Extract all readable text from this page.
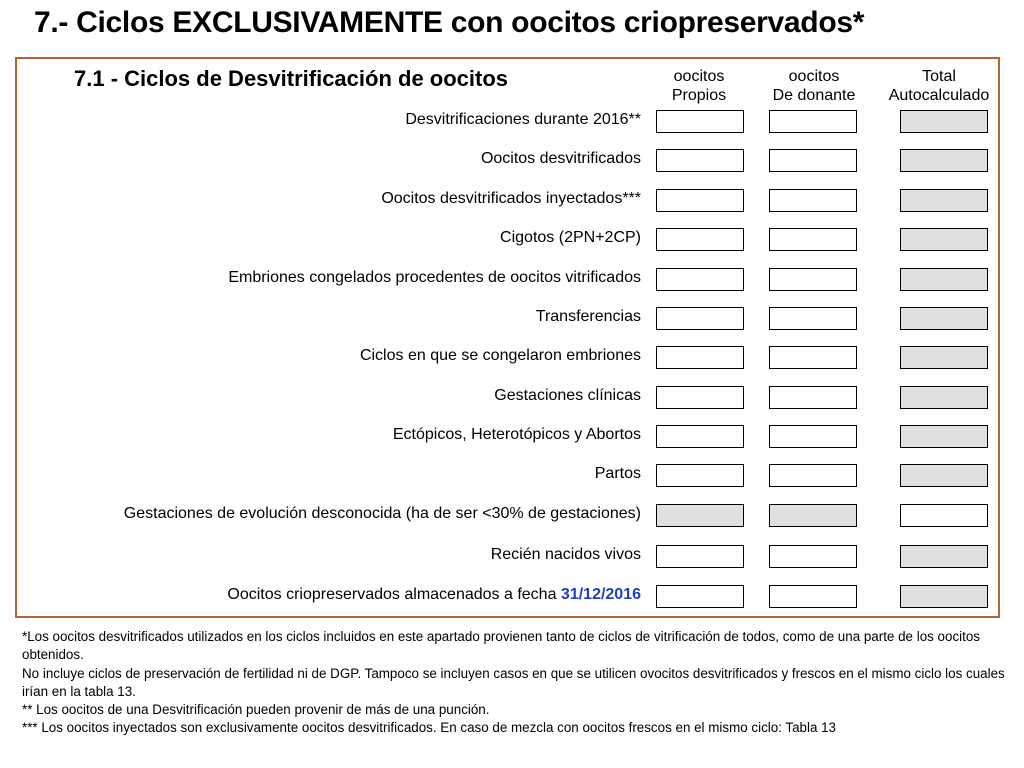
7.- Ciclos EXCLUSIVAMENTE con oocitos criopreservados*
7.1 - Ciclos de Desvitrificación de oocitos	oocitos
Propios
oocitos
De donante
Total
Autocalculado
Desvitrificaciones durante 2016**
Oocitos desvitrificados
Oocitos desvitrificados inyectados***
Cigotos (2PN+2CP)
Embriones congelados procedentes de oocitos vitrificados
Transferencias
Ciclos en que se congelaron embriones
Gestaciones clínicas
Ectópicos, Heterotópicos y Abortos
Partos
Gestaciones de evolución desconocida (ha de ser <30% de gestaciones)
Recién nacidos vivos
Oocitos criopreservados almacenados a fecha 31/12/2016

*Los oocitos desvitrificados utilizados en los ciclos incluidos en este apartado provienen tanto de ciclos de vitrificación de todos, como de una parte de los oocitos obtenidos.

No incluye ciclos de preservación de fertilidad ni de DGP. Tampoco se incluyen casos en que se utilicen ovocitos desvitrificados y frescos en el mismo ciclo los cuales irían en la tabla 13.

** Los oocitos de una Desvitrificación pueden provenir de más de una punción.

*** Los oocitos inyectados son exclusivamente oocitos desvitrificados. En caso de mezcla con oocitos frescos en el mismo ciclo: Tabla 13
